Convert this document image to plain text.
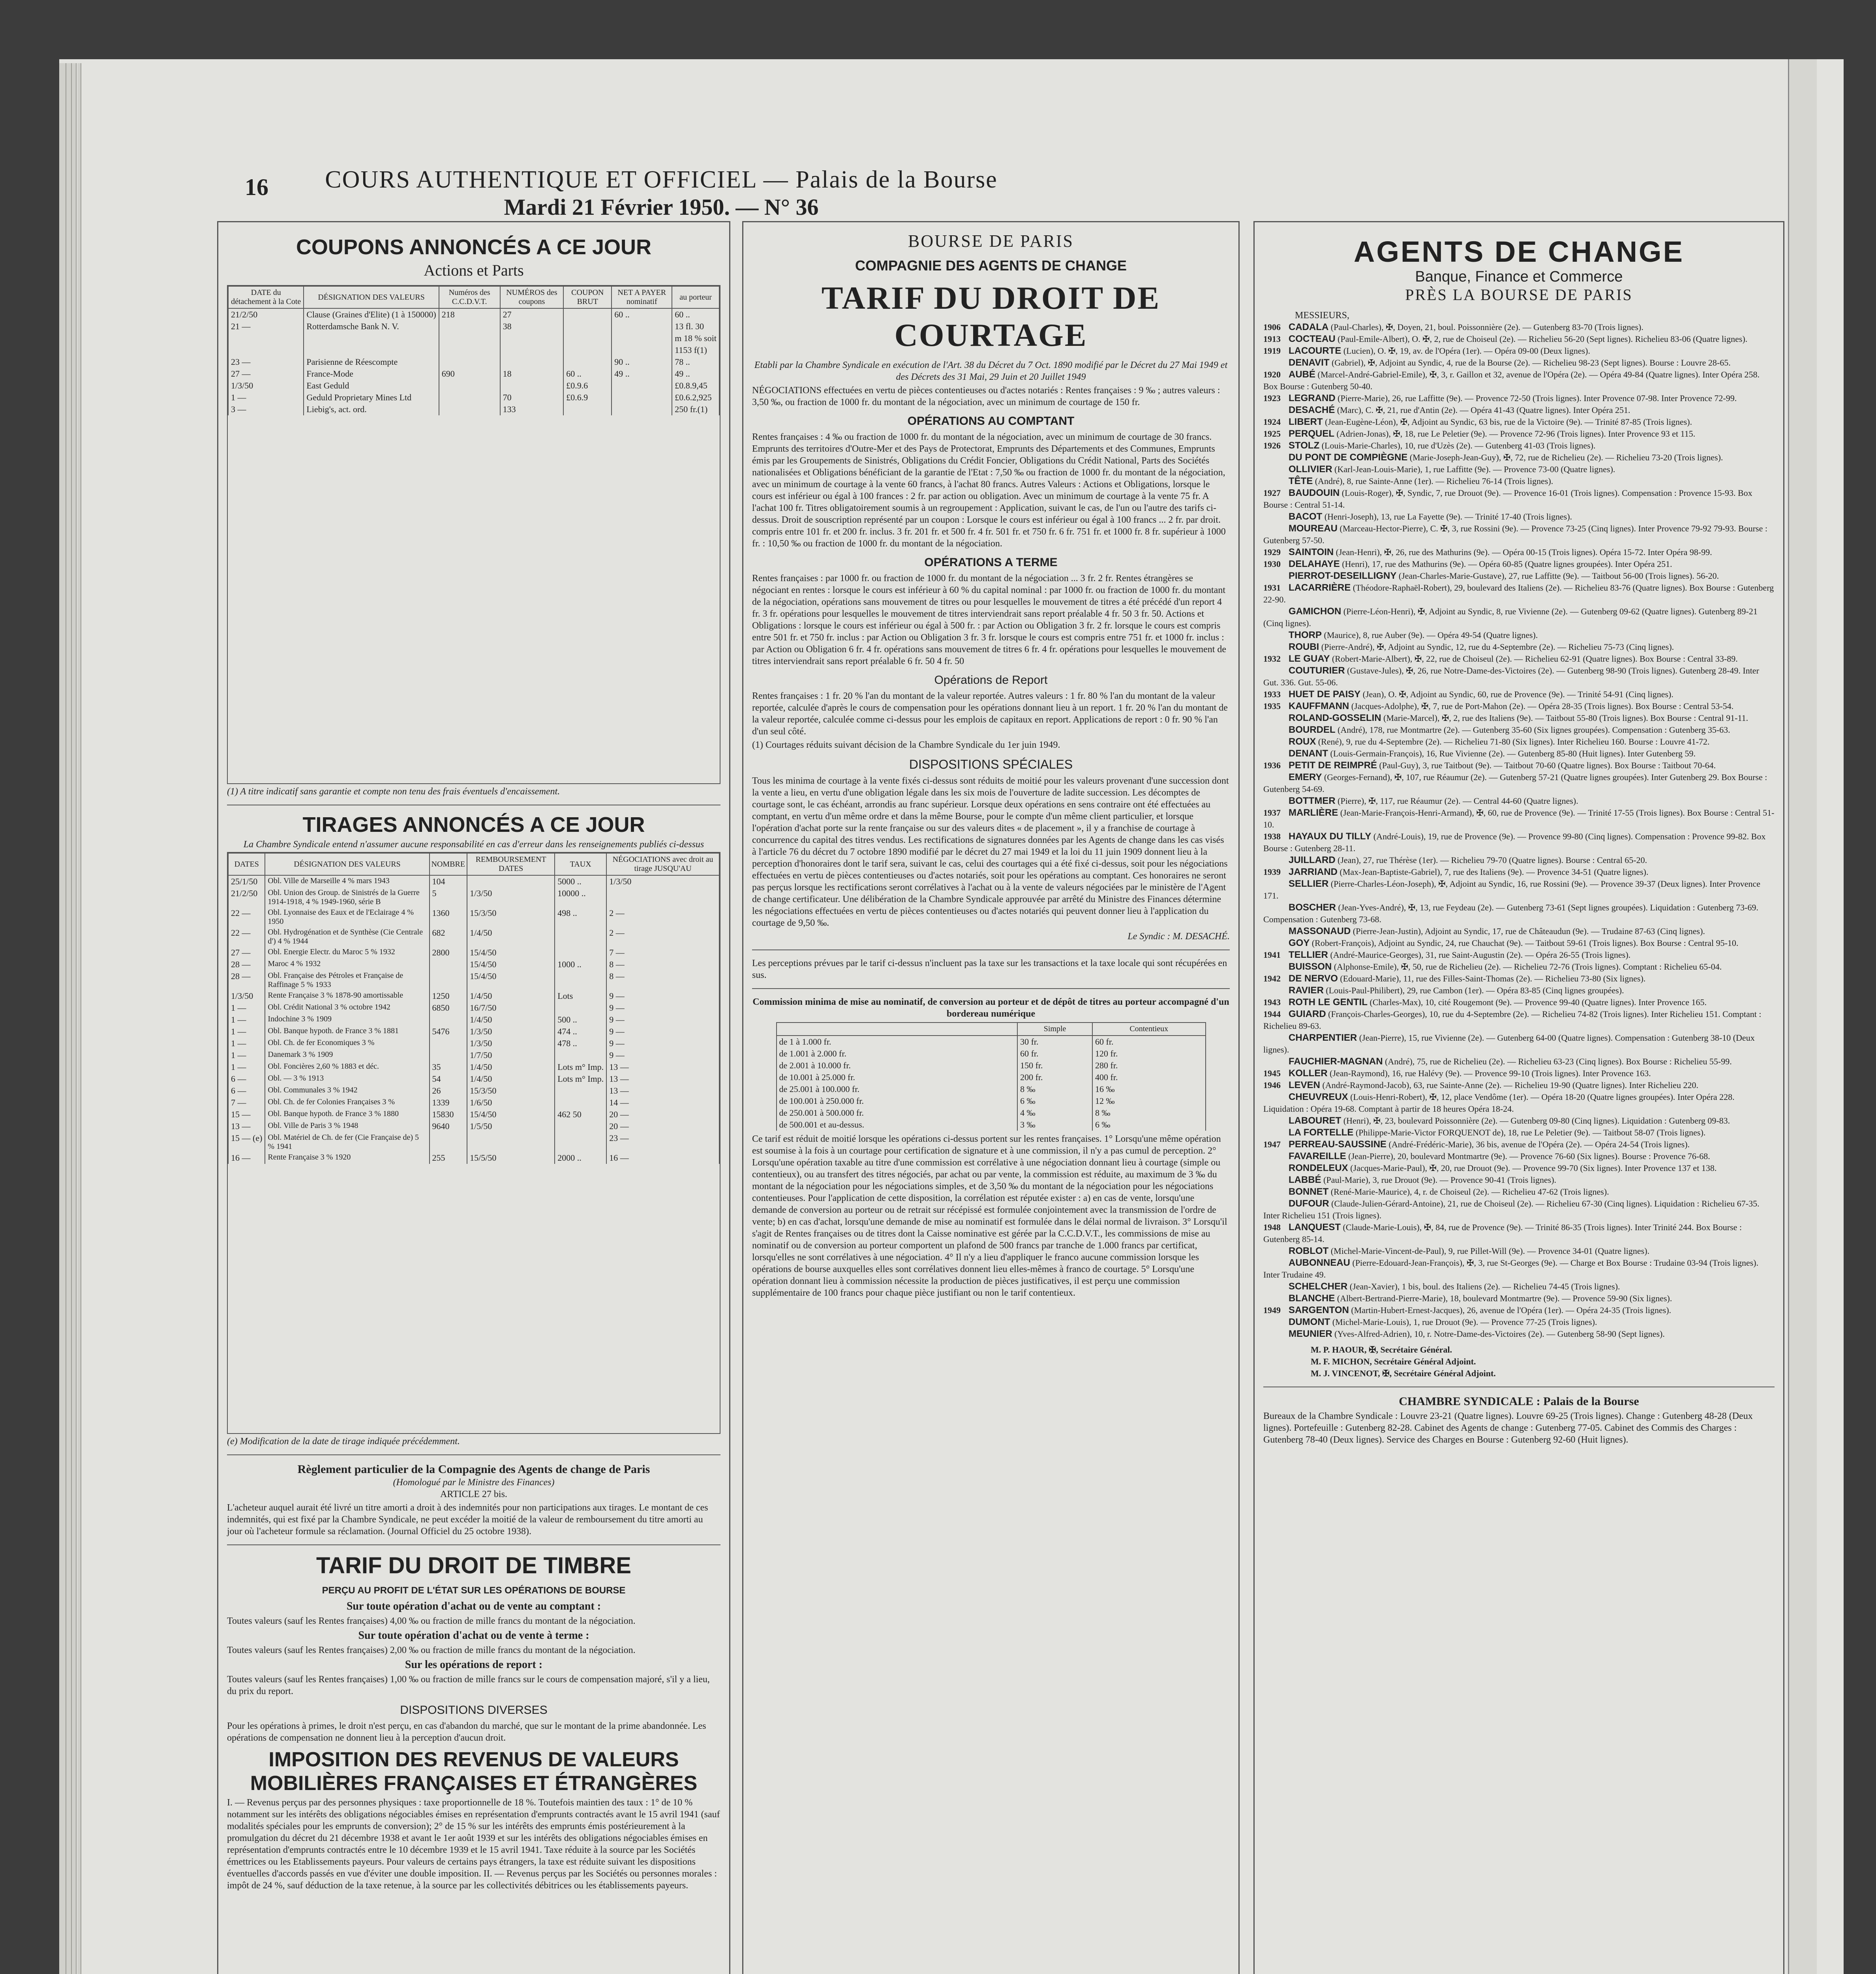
16	COURS AUTHENTIQUE ET OFFICIEL — Palais de la Bourse
Mardi 21 Février 1950. — N° 36
COUPONS ANNONCÉS A CE JOUR
Actions et Parts
DATE du détachement à la Cote	DÉSIGNATION DES VALEURS	Numéros des C.C.D.V.T.	NUMÉROS des coupons	COUPON BRUT	NET A PAYER nominatif	au porteur
21/2/50	Clause (Graines d'Elite) (1 à 150000)	218	27		60 ..	60 ..
21 —	Rotterdamsche Bank N. V.		38			13 fl. 30
						m 18 % soit
						1153 f(1)
23 —	Parisienne de Réescompte				90 ..	78 ..
27 —	France-Mode	690	18	60 ..	49 ..	49 ..
1/3/50	East Geduld			£0.9.6		£0.8.9,45
1 —	Geduld Proprietary Mines Ltd		70	£0.6.9		£0.6.2,925
3 —	Liebig's, act. ord.		133			250 fr.(1)

(1) A titre indicatif sans garantie et compte non tenu des frais éventuels d'encaissement.

TIRAGES ANNONCÉS A CE JOUR

La Chambre Syndicale entend n'assumer aucune responsabilité en cas d'erreur dans les renseignements publiés ci-dessus

DATES	DÉSIGNATION DES VALEURS	NOMBRE	REMBOURSEMENT DATES	TAUX	NÉGOCIATIONS avec droit au tirage JUSQU'AU
25/1/50	Obl. Ville de Marseille 4 % mars 1943	104		5000 ..	1/3/50
21/2/50	Obl. Union des Group. de Sinistrés de la Guerre 1914-1918, 4 % 1949-1960, série B	5	1/3/50	10000 ..	
22 —	Obl. Lyonnaise des Eaux et de l'Eclairage 4 % 1950	1360	15/3/50	498 ..	2 —
22 —	Obl. Hydrogénation et de Synthèse (Cie Centrale d') 4 % 1944	682	1/4/50		2 —
27 —	Obl. Energie Electr. du Maroc 5 % 1932	2800	15/4/50		7 —
28 —	Maroc 4 % 1932		15/4/50	1000 ..	8 —
28 —	Obl. Française des Pétroles et Française de Raffinage 5 % 1933		15/4/50		8 —
1/3/50	Rente Française 3 % 1878-90 amortissable	1250	1/4/50	Lots	9 —
1 —	Obl. Crédit National 3 % octobre 1942	6850	16/7/50		9 —
1 —	Indochine 3 % 1909		1/4/50	500 ..	9 —
1 —	Obl. Banque hypoth. de France 3 % 1881	5476	1/3/50	474 ..	9 —
1 —	Obl. Ch. de fer Economiques 3 %		1/3/50	478 ..	9 —
1 —	Danemark 3 % 1909		1/7/50		9 —
1 —	Obl. Foncières 2,60 % 1883 et déc.	35	1/4/50	Lots m° Imp.	13 —
6 —	Obl. — 3 % 1913	54	1/4/50	Lots m° Imp.	13 —
6 —	Obl. Communales 3 % 1942	26	15/3/50		13 —
7 —	Obl. Ch. de fer Colonies Françaises 3 %	1339	1/6/50		14 —
15 —	Obl. Banque hypoth. de France 3 % 1880	15830	15/4/50	462 50	20 —
13 —	Obl. Ville de Paris 3 % 1948	9640	1/5/50		20 —
15 — (e)	Obl. Matériel de Ch. de fer (Cie Française de) 5 % 1941				23 —
16 —	Rente Française 3 % 1920	255	15/5/50	2000 ..	16 —

(e) Modification de la date de tirage indiquée précédemment.

Règlement particulier de la Compagnie des Agents de change de Paris
(Homologué par le Ministre des Finances)
ARTICLE 27 bis.

L'acheteur auquel aurait été livré un titre amorti a droit à des indemnités pour non participations aux tirages. Le montant de ces indemnités, qui est fixé par la Chambre Syndicale, ne peut excéder la moitié de la valeur de remboursement du titre amorti au jour où l'acheteur formule sa réclamation. (Journal Officiel du 25 octobre 1938).

TARIF DU DROIT DE TIMBRE
PERÇU AU PROFIT DE L'ÉTAT SUR LES OPÉRATIONS DE BOURSE
Sur toute opération d'achat ou de vente au comptant :

Toutes valeurs (sauf les Rentes françaises) 4,00 ‰ ou fraction de mille francs du montant de la négociation.

Sur toute opération d'achat ou de vente à terme :

Toutes valeurs (sauf les Rentes françaises) 2,00 ‰ ou fraction de mille francs du montant de la négociation.

Sur les opérations de report :

Toutes valeurs (sauf les Rentes françaises) 1,00 ‰ ou fraction de mille francs sur le cours de compensation majoré, s'il y a lieu, du prix du report.

DISPOSITIONS DIVERSES

Pour les opérations à primes, le droit n'est perçu, en cas d'abandon du marché, que sur le montant de la prime abandonnée. Les opérations de compensation ne donnent lieu à la perception d'aucun droit.

IMPOSITION DES REVENUS DE VALEURS MOBILIÈRES FRANÇAISES ET ÉTRANGÈRES

I. — Revenus perçus par des personnes physiques : taxe proportionnelle de 18 %. Toutefois maintien des taux : 1° de 10 % notamment sur les intérêts des obligations négociables émises en représentation d'emprunts contractés avant le 15 avril 1941 (sauf modalités spéciales pour les emprunts de conversion); 2° de 15 % sur les intérêts des emprunts émis postérieurement à la promulgation du décret du 21 décembre 1938 et avant le 1er août 1939 et sur les intérêts des obligations négociables émises en représentation d'emprunts contractés entre le 10 décembre 1939 et le 15 avril 1941. Taxe réduite à la source par les Sociétés émettrices ou les Etablissements payeurs. Pour valeurs de certains pays étrangers, la taxe est réduite suivant les dispositions éventuelles d'accords passés en vue d'éviter une double imposition. II. — Revenus perçus par les Sociétés ou personnes morales : impôt de 24 %, sauf déduction de la taxe retenue, à la source par les collectivités débitrices ou les établissements payeurs.

BOURSE DE PARIS
COMPAGNIE DES AGENTS DE CHANGE
TARIF DU DROIT DE COURTAGE

Etabli par la Chambre Syndicale en exécution de l'Art. 38 du Décret du 7 Oct. 1890 modifié par le Décret du 27 Mai 1949 et des Décrets des 31 Mai, 29 Juin et 20 Juillet 1949

NÉGOCIATIONS effectuées en vertu de pièces contentieuses ou d'actes notariés : Rentes françaises : 9 ‰ ; autres valeurs : 3,50 ‰, ou fraction de 1000 fr. du montant de la négociation, avec un minimum de courtage de 150 fr.

OPÉRATIONS AU COMPTANT

Rentes françaises : 4 ‰ ou fraction de 1000 fr. du montant de la négociation, avec un minimum de courtage de 30 francs. Emprunts des territoires d'Outre-Mer et des Pays de Protectorat, Emprunts des Départements et des Communes, Emprunts émis par les Groupements de Sinistrés, Obligations du Crédit Foncier, Obligations du Crédit National, Parts des Sociétés nationalisées et Obligations bénéficiant de la garantie de l'Etat : 7,50 ‰ ou fraction de 1000 fr. du montant de la négociation, avec un minimum de courtage à la vente 60 francs, à l'achat 80 francs. Autres Valeurs : Actions et Obligations, lorsque le cours est inférieur ou égal à 100 frances : 2 fr. par action ou obligation. Avec un minimum de courtage à la vente 75 fr. A l'achat 100 fr. Titres obligatoirement soumis à un regroupement : Application, suivant le cas, de l'un ou l'autre des tarifs ci-dessus. Droit de souscription représenté par un coupon : Lorsque le cours est inférieur ou égal à 100 francs ... 2 fr. par droit. compris entre 101 fr. et 200 fr. inclus. 3 fr. 201 fr. et 500 fr. 4 fr. 501 fr. et 750 fr. 6 fr. 751 fr. et 1000 fr. 8 fr. supérieur à 1000 fr. : 10,50 ‰ ou fraction de 1000 fr. du montant de la négociation.

OPÉRATIONS A TERME

Rentes françaises : par 1000 fr. ou fraction de 1000 fr. du montant de la négociation ... 3 fr. 2 fr. Rentes étrangères se négociant en rentes : lorsque le cours est inférieur à 60 % du capital nominal : par 1000 fr. ou fraction de 1000 fr. du montant de la négociation, opérations sans mouvement de titres ou pour lesquelles le mouvement de titres a été précédé d'un report 4 fr. 3 fr. opérations pour lesquelles le mouvement de titres interviendrait sans report préalable 4 fr. 50 3 fr. 50. Actions et Obligations : lorsque le cours est inférieur ou égal à 500 fr. : par Action ou Obligation 3 fr. 2 fr. lorsque le cours est compris entre 501 fr. et 750 fr. inclus : par Action ou Obligation 3 fr. 3 fr. lorsque le cours est compris entre 751 fr. et 1000 fr. inclus : par Action ou Obligation 6 fr. 4 fr. opérations sans mouvement de titres 6 fr. 4 fr. opérations pour lesquelles le mouvement de titres interviendrait sans report préalable 6 fr. 50 4 fr. 50

Opérations de Report

Rentes françaises : 1 fr. 20 % l'an du montant de la valeur reportée. Autres valeurs : 1 fr. 80 % l'an du montant de la valeur reportée, calculée d'après le cours de compensation pour les opérations donnant lieu à un report. 1 fr. 20 % l'an du montant de la valeur reportée, calculée comme ci-dessus pour les emplois de capitaux en report. Applications de report : 0 fr. 90 % l'an d'un seul côté.

(1) Courtages réduits suivant décision de la Chambre Syndicale du 1er juin 1949.

DISPOSITIONS SPÉCIALES

Tous les minima de courtage à la vente fixés ci-dessus sont réduits de moitié pour les valeurs provenant d'une succession dont la vente a lieu, en vertu d'une obligation légale dans les six mois de l'ouverture de ladite succession. Les décomptes de courtage sont, le cas échéant, arrondis au franc supérieur. Lorsque deux opérations en sens contraire ont été effectuées au comptant, en vertu d'un même ordre et dans la même Bourse, pour le compte d'un même client particulier, et lorsque l'opération d'achat porte sur la rente française ou sur des valeurs dites « de placement », il y a franchise de courtage à concurrence du capital des titres vendus. Les rectifications de signatures données par les Agents de change dans les cas visés à l'article 76 du décret du 7 octobre 1890 modifié par le décret du 27 mai 1949 et la loi du 11 juin 1909 donnent lieu à la perception d'honoraires dont le tarif sera, suivant le cas, celui des courtages qui a été fixé ci-dessus, soit pour les négociations effectuées en vertu de pièces contentieuses ou d'actes notariés, soit pour les opérations au comptant. Ces honoraires ne seront pas perçus lorsque les rectifications seront corrélatives à l'achat ou à la vente de valeurs négociées par le ministère de l'Agent de change certificateur. Une délibération de la Chambre Syndicale approuvée par arrêté du Ministre des Finances détermine les négociations effectuées en vertu de pièces contentieuses ou d'actes notariés qui peuvent donner lieu à l'application du courtage de 9,50 ‰.

Le Syndic : M. DESACHÉ.

Les perceptions prévues par le tarif ci-dessus n'incluent pas la taxe sur les transactions et la taxe locale qui sont récupérées en sus.

Commission minima de mise au nominatif, de conversion au porteur et de dépôt de titres au porteur accompagné d'un bordereau numérique
	Simple	Contentieux
de 1 à 1.000 fr.	30 fr.	60 fr.
de 1.001 à 2.000 fr.	60 fr.	120 fr.
de 2.001 à 10.000 fr.	150 fr.	280 fr.
de 10.001 à 25.000 fr.	200 fr.	400 fr.
de 25.001 à 100.000 fr.	8 ‰	16 ‰
de 100.001 à 250.000 fr.	6 ‰	12 ‰
de 250.001 à 500.000 fr.	4 ‰	8 ‰
de 500.001 et au-dessus.	3 ‰	6 ‰

Ce tarif est réduit de moitié lorsque les opérations ci-dessus portent sur les rentes françaises. 1° Lorsqu'une même opération est soumise à la fois à un courtage pour certification de signature et à une commission, il n'y a pas cumul de perception. 2° Lorsqu'une opération taxable au titre d'une commission est corrélative à une négociation donnant lieu à courtage (simple ou contentieux), ou au transfert des titres négociés, par achat ou par vente, la commission est réduite, au maximum de 3 ‰ du montant de la négociation pour les négociations simples, et de 3,50 ‰ du montant de la négociation pour les négociations contentieuses. Pour l'application de cette disposition, la corrélation est réputée exister : a) en cas de vente, lorsqu'une demande de conversion au porteur ou de retrait sur récépissé est formulée conjointement avec la transmission de l'ordre de vente; b) en cas d'achat, lorsqu'une demande de mise au nominatif est formulée dans le délai normal de livraison. 3° Lorsqu'il s'agit de Rentes françaises ou de titres dont la Caisse nominative est gérée par la C.C.D.V.T., les commissions de mise au nominatif ou de conversion au porteur comportent un plafond de 500 francs par tranche de 1.000 francs par certificat, lorsqu'elles ne sont corrélatives à une négociation. 4° Il n'y a lieu d'appliquer le franco aucune commission lorsque les opérations de bourse auxquelles elles sont corrélatives donnent lieu elles-mêmes à franco de courtage. 5° Lorsqu'une opération donnant lieu à commission nécessite la production de pièces justificatives, il est perçu une commission supplémentaire de 100 francs pour chaque pièce justifiant ou non le tarif contentieux.

AGENTS DE CHANGE
Banque, Finance et Commerce
PRÈS LA BOURSE DE PARIS
MESSIEURS,

1906 CADALA (Paul-Charles), ✠, Doyen, 21, boul. Poissonnière (2e). — Gutenberg 83-70 (Trois lignes).

1913 COCTEAU (Paul-Emile-Albert), O. ✠, 2, rue de Choiseul (2e). — Richelieu 56-20 (Sept lignes). Richelieu 83-06 (Quatre lignes).

1919 LACOURTE (Lucien), O. ✠, 19, av. de l'Opéra (1er). — Opéra 09-00 (Deux lignes).

DENAVIT (Gabriel), ✠, Adjoint au Syndic, 4, rue de la Bourse (2e). — Richelieu 98-23 (Sept lignes). Bourse : Louvre 28-65.

1920 AUBÉ (Marcel-André-Gabriel-Emile), ✠, 3, r. Gaillon et 32, avenue de l'Opéra (2e). — Opéra 49-84 (Quatre lignes). Inter Opéra 258. Box Bourse : Gutenberg 50-40.

1923 LEGRAND (Pierre-Marie), 26, rue Laffitte (9e). — Provence 72-50 (Trois lignes). Inter Provence 07-98. Inter Provence 72-99.

DESACHÉ (Marc), C. ✠, 21, rue d'Antin (2e). — Opéra 41-43 (Quatre lignes). Inter Opéra 251.

1924 LIBERT (Jean-Eugène-Léon), ✠, Adjoint au Syndic, 63 bis, rue de la Victoire (9e). — Trinité 87-85 (Trois lignes).

1925 PERQUEL (Adrien-Jonas), ✠, 18, rue Le Peletier (9e). — Provence 72-96 (Trois lignes). Inter Provence 93 et 115.

1926 STOLZ (Louis-Marie-Charles), 10, rue d'Uzès (2e). — Gutenberg 41-03 (Trois lignes).

DU PONT DE COMPIÈGNE (Marie-Joseph-Jean-Guy), ✠, 72, rue de Richelieu (2e). — Richelieu 73-20 (Trois lignes).

OLLIVIER (Karl-Jean-Louis-Marie), 1, rue Laffitte (9e). — Provence 73-00 (Quatre lignes).

TÊTE (André), 8, rue Sainte-Anne (1er). — Richelieu 76-14 (Trois lignes).

1927 BAUDOUIN (Louis-Roger), ✠, Syndic, 7, rue Drouot (9e). — Provence 16-01 (Trois lignes). Compensation : Provence 15-93. Box Bourse : Central 51-14.

BACOT (Henri-Joseph), 13, rue La Fayette (9e). — Trinité 17-40 (Trois lignes).

MOUREAU (Marceau-Hector-Pierre), C. ✠, 3, rue Rossini (9e). — Provence 73-25 (Cinq lignes). Inter Provence 79-92 79-93. Bourse : Gutenberg 57-50.

1929 SAINTOIN (Jean-Henri), ✠, 26, rue des Mathurins (9e). — Opéra 00-15 (Trois lignes). Opéra 15-72. Inter Opéra 98-99.

1930 DELAHAYE (Henri), 17, rue des Mathurins (9e). — Opéra 60-85 (Quatre lignes groupées). Inter Opéra 251.

PIERROT-DESEILLIGNY (Jean-Charles-Marie-Gustave), 27, rue Laffitte (9e). — Taitbout 56-00 (Trois lignes). 56-20.

1931 LACARRIÈRE (Théodore-Raphaël-Robert), 29, boulevard des Italiens (2e). — Richelieu 83-76 (Quatre lignes). Box Bourse : Gutenberg 22-90.

GAMICHON (Pierre-Léon-Henri), ✠, Adjoint au Syndic, 8, rue Vivienne (2e). — Gutenberg 09-62 (Quatre lignes). Gutenberg 89-21 (Cinq lignes).

THORP (Maurice), 8, rue Auber (9e). — Opéra 49-54 (Quatre lignes).

ROUBI (Pierre-André), ✠, Adjoint au Syndic, 12, rue du 4-Septembre (2e). — Richelieu 75-73 (Cinq lignes).

1932 LE GUAY (Robert-Marie-Albert), ✠, 22, rue de Choiseul (2e). — Richelieu 62-91 (Quatre lignes). Box Bourse : Central 33-89.

COUTURIER (Gustave-Jules), ✠, 26, rue Notre-Dame-des-Victoires (2e). — Gutenberg 98-90 (Trois lignes). Gutenberg 28-49. Inter Gut. 336. Gut. 55-06.

1933 HUET DE PAISY (Jean), O. ✠, Adjoint au Syndic, 60, rue de Provence (9e). — Trinité 54-91 (Cinq lignes).

1935 KAUFFMANN (Jacques-Adolphe), ✠, 7, rue de Port-Mahon (2e). — Opéra 28-35 (Trois lignes). Box Bourse : Central 53-54.

ROLAND-GOSSELIN (Marie-Marcel), ✠, 2, rue des Italiens (9e). — Taitbout 55-80 (Trois lignes). Box Bourse : Central 91-11.

BOURDEL (André), 178, rue Montmartre (2e). — Gutenberg 35-60 (Six lignes groupées). Compensation : Gutenberg 35-63.

ROUX (René), 9, rue du 4-Septembre (2e). — Richelieu 71-80 (Six lignes). Inter Richelieu 160. Bourse : Louvre 41-72.

DENANT (Louis-Germain-François), 16, Rue Vivienne (2e). — Gutenberg 85-80 (Huit lignes). Inter Gutenberg 59.

1936 PETIT DE REIMPRÉ (Paul-Guy), 3, rue Taitbout (9e). — Taitbout 70-60 (Quatre lignes). Box Bourse : Taitbout 70-64.

EMERY (Georges-Fernand), ✠, 107, rue Réaumur (2e). — Gutenberg 57-21 (Quatre lignes groupées). Inter Gutenberg 29. Box Bourse : Gutenberg 54-69.

BOTTMER (Pierre), ✠, 117, rue Réaumur (2e). — Central 44-60 (Quatre lignes).

1937 MARLIÈRE (Jean-Marie-François-Henri-Armand), ✠, 60, rue de Provence (9e). — Trinité 17-55 (Trois lignes). Box Bourse : Central 51-10.

1938 HAYAUX DU TILLY (André-Louis), 19, rue de Provence (9e). — Provence 99-80 (Cinq lignes). Compensation : Provence 99-82. Box Bourse : Gutenberg 28-11.

JUILLARD (Jean), 27, rue Thérèse (1er). — Richelieu 79-70 (Quatre lignes). Bourse : Central 65-20.

1939 JARRIAND (Max-Jean-Baptiste-Gabriel), 7, rue des Italiens (9e). — Provence 34-51 (Quatre lignes).

SELLIER (Pierre-Charles-Léon-Joseph), ✠, Adjoint au Syndic, 16, rue Rossini (9e). — Provence 39-37 (Deux lignes). Inter Provence 171.

BOSCHER (Jean-Yves-André), ✠, 13, rue Feydeau (2e). — Gutenberg 73-61 (Sept lignes groupées). Liquidation : Gutenberg 73-69. Compensation : Gutenberg 73-68.

MASSONAUD (Pierre-Jean-Justin), Adjoint au Syndic, 17, rue de Châteaudun (9e). — Trudaine 87-63 (Cinq lignes).

GOY (Robert-François), Adjoint au Syndic, 24, rue Chauchat (9e). — Taitbout 59-61 (Trois lignes). Box Bourse : Central 95-10.

1941 TELLIER (André-Maurice-Georges), 31, rue Saint-Augustin (2e). — Opéra 26-55 (Trois lignes).

BUISSON (Alphonse-Emile), ✠, 50, rue de Richelieu (2e). — Richelieu 72-76 (Trois lignes). Comptant : Richelieu 65-04.

1942 DE NERVO (Edouard-Marie), 11, rue des Filles-Saint-Thomas (2e). — Richelieu 73-80 (Six lignes).

RAVIER (Louis-Paul-Philibert), 29, rue Cambon (1er). — Opéra 83-85 (Cinq lignes groupées).

1943 ROTH LE GENTIL (Charles-Max), 10, cité Rougemont (9e). — Provence 99-40 (Quatre lignes). Inter Provence 165.

1944 GUIARD (François-Charles-Georges), 10, rue du 4-Septembre (2e). — Richelieu 74-82 (Trois lignes). Inter Richelieu 151. Comptant : Richelieu 89-63.

CHARPENTIER (Jean-Pierre), 15, rue Vivienne (2e). — Gutenberg 64-00 (Quatre lignes). Compensation : Gutenberg 38-10 (Deux lignes).

FAUCHIER-MAGNAN (André), 75, rue de Richelieu (2e). — Richelieu 63-23 (Cinq lignes). Box Bourse : Richelieu 55-99.

1945 KOLLER (Jean-Raymond), 16, rue Halévy (9e). — Provence 99-10 (Trois lignes). Inter Provence 163.

1946 LEVEN (André-Raymond-Jacob), 63, rue Sainte-Anne (2e). — Richelieu 19-90 (Quatre lignes). Inter Richelieu 220.

CHEUVREUX (Louis-Henri-Robert), ✠, 12, place Vendôme (1er). — Opéra 18-20 (Quatre lignes groupées). Inter Opéra 228. Liquidation : Opéra 19-68. Comptant à partir de 18 heures Opéra 18-24.

LABOURET (Henri), ✠, 23, boulevard Poissonnière (2e). — Gutenberg 09-80 (Cinq lignes). Liquidation : Gutenberg 09-83.

LA FORTELLE (Philippe-Marie-Victor FORQUENOT de), 18, rue Le Peletier (9e). — Taitbout 58-07 (Trois lignes).

1947 PERREAU-SAUSSINE (André-Frédéric-Marie), 36 bis, avenue de l'Opéra (2e). — Opéra 24-54 (Trois lignes).

FAVAREILLE (Jean-Pierre), 20, boulevard Montmartre (9e). — Provence 76-60 (Six lignes). Bourse : Provence 76-68.

RONDELEUX (Jacques-Marie-Paul), ✠, 20, rue Drouot (9e). — Provence 99-70 (Six lignes). Inter Provence 137 et 138.

LABBÉ (Paul-Marie), 3, rue Drouot (9e). — Provence 90-41 (Trois lignes).

BONNET (René-Marie-Maurice), 4, r. de Choiseul (2e). — Richelieu 47-62 (Trois lignes).

DUFOUR (Claude-Julien-Gérard-Antoine), 21, rue de Choiseul (2e). — Richelieu 67-30 (Cinq lignes). Liquidation : Richelieu 67-35. Inter Richelieu 151 (Trois lignes).

1948 LANQUEST (Claude-Marie-Louis), ✠, 84, rue de Provence (9e). — Trinité 86-35 (Trois lignes). Inter Trinité 244. Box Bourse : Gutenberg 85-14.

ROBLOT (Michel-Marie-Vincent-de-Paul), 9, rue Pillet-Will (9e). — Provence 34-01 (Quatre lignes).

AUBONNEAU (Pierre-Edouard-Jean-François), ✠, 3, rue St-Georges (9e). — Charge et Box Bourse : Trudaine 03-94 (Trois lignes). Inter Trudaine 49.

SCHELCHER (Jean-Xavier), 1 bis, boul. des Italiens (2e). — Richelieu 74-45 (Trois lignes).

BLANCHE (Albert-Bertrand-Pierre-Marie), 18, boulevard Montmartre (9e). — Provence 59-90 (Six lignes).

1949 SARGENTON (Martin-Hubert-Ernest-Jacques), 26, avenue de l'Opéra (1er). — Opéra 24-35 (Trois lignes).

DUMONT (Michel-Marie-Louis), 1, rue Drouot (9e). — Provence 77-25 (Trois lignes).

MEUNIER (Yves-Alfred-Adrien), 10, r. Notre-Dame-des-Victoires (2e). — Gutenberg 58-90 (Sept lignes).

M. P. HAOUR, ✠, Secrétaire Général.

M. F. MICHON, Secrétaire Général Adjoint.

M. J. VINCENOT, ✠, Secrétaire Général Adjoint.

CHAMBRE SYNDICALE : Palais de la Bourse

Bureaux de la Chambre Syndicale : Louvre 23-21 (Quatre lignes). Louvre 69-25 (Trois lignes). Change : Gutenberg 48-28 (Deux lignes). Portefeuille : Gutenberg 82-28. Cabinet des Agents de change : Gutenberg 77-05. Cabinet des Commis des Charges : Gutenberg 78-40 (Deux lignes). Service des Charges en Bourse : Gutenberg 92-60 (Huit lignes).
